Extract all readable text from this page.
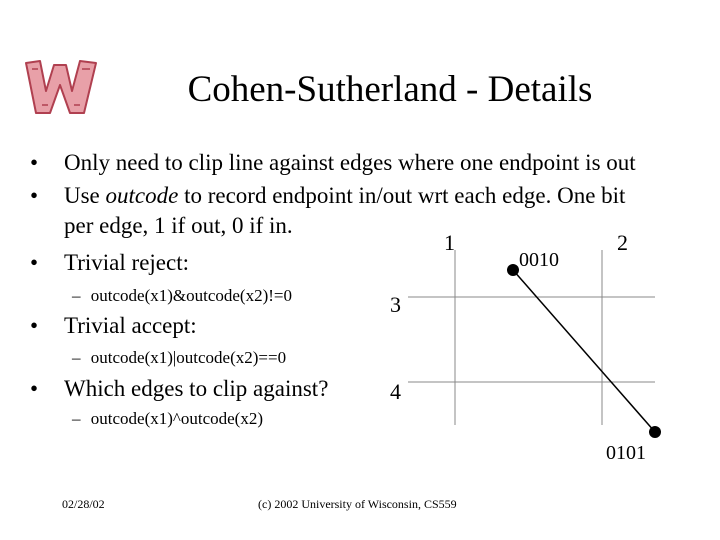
Cohen-Sutherland - Details
• Only need to clip line against edges where one endpoint is out
• Use outcode to record endpoint in/out wrt each edge. One bit
per edge, 1 if out, 0 if in.
• Trivial reject:
– outcode(x1)&outcode(x2)!=0
• Trivial accept:
– outcode(x1)|outcode(x2)==0
• Which edges to clip against?
– outcode(x1)^outcode(x2)
1	2
3
4
0010
0101
02/28/02	(c) 2002 University of Wisconsin, CS559
